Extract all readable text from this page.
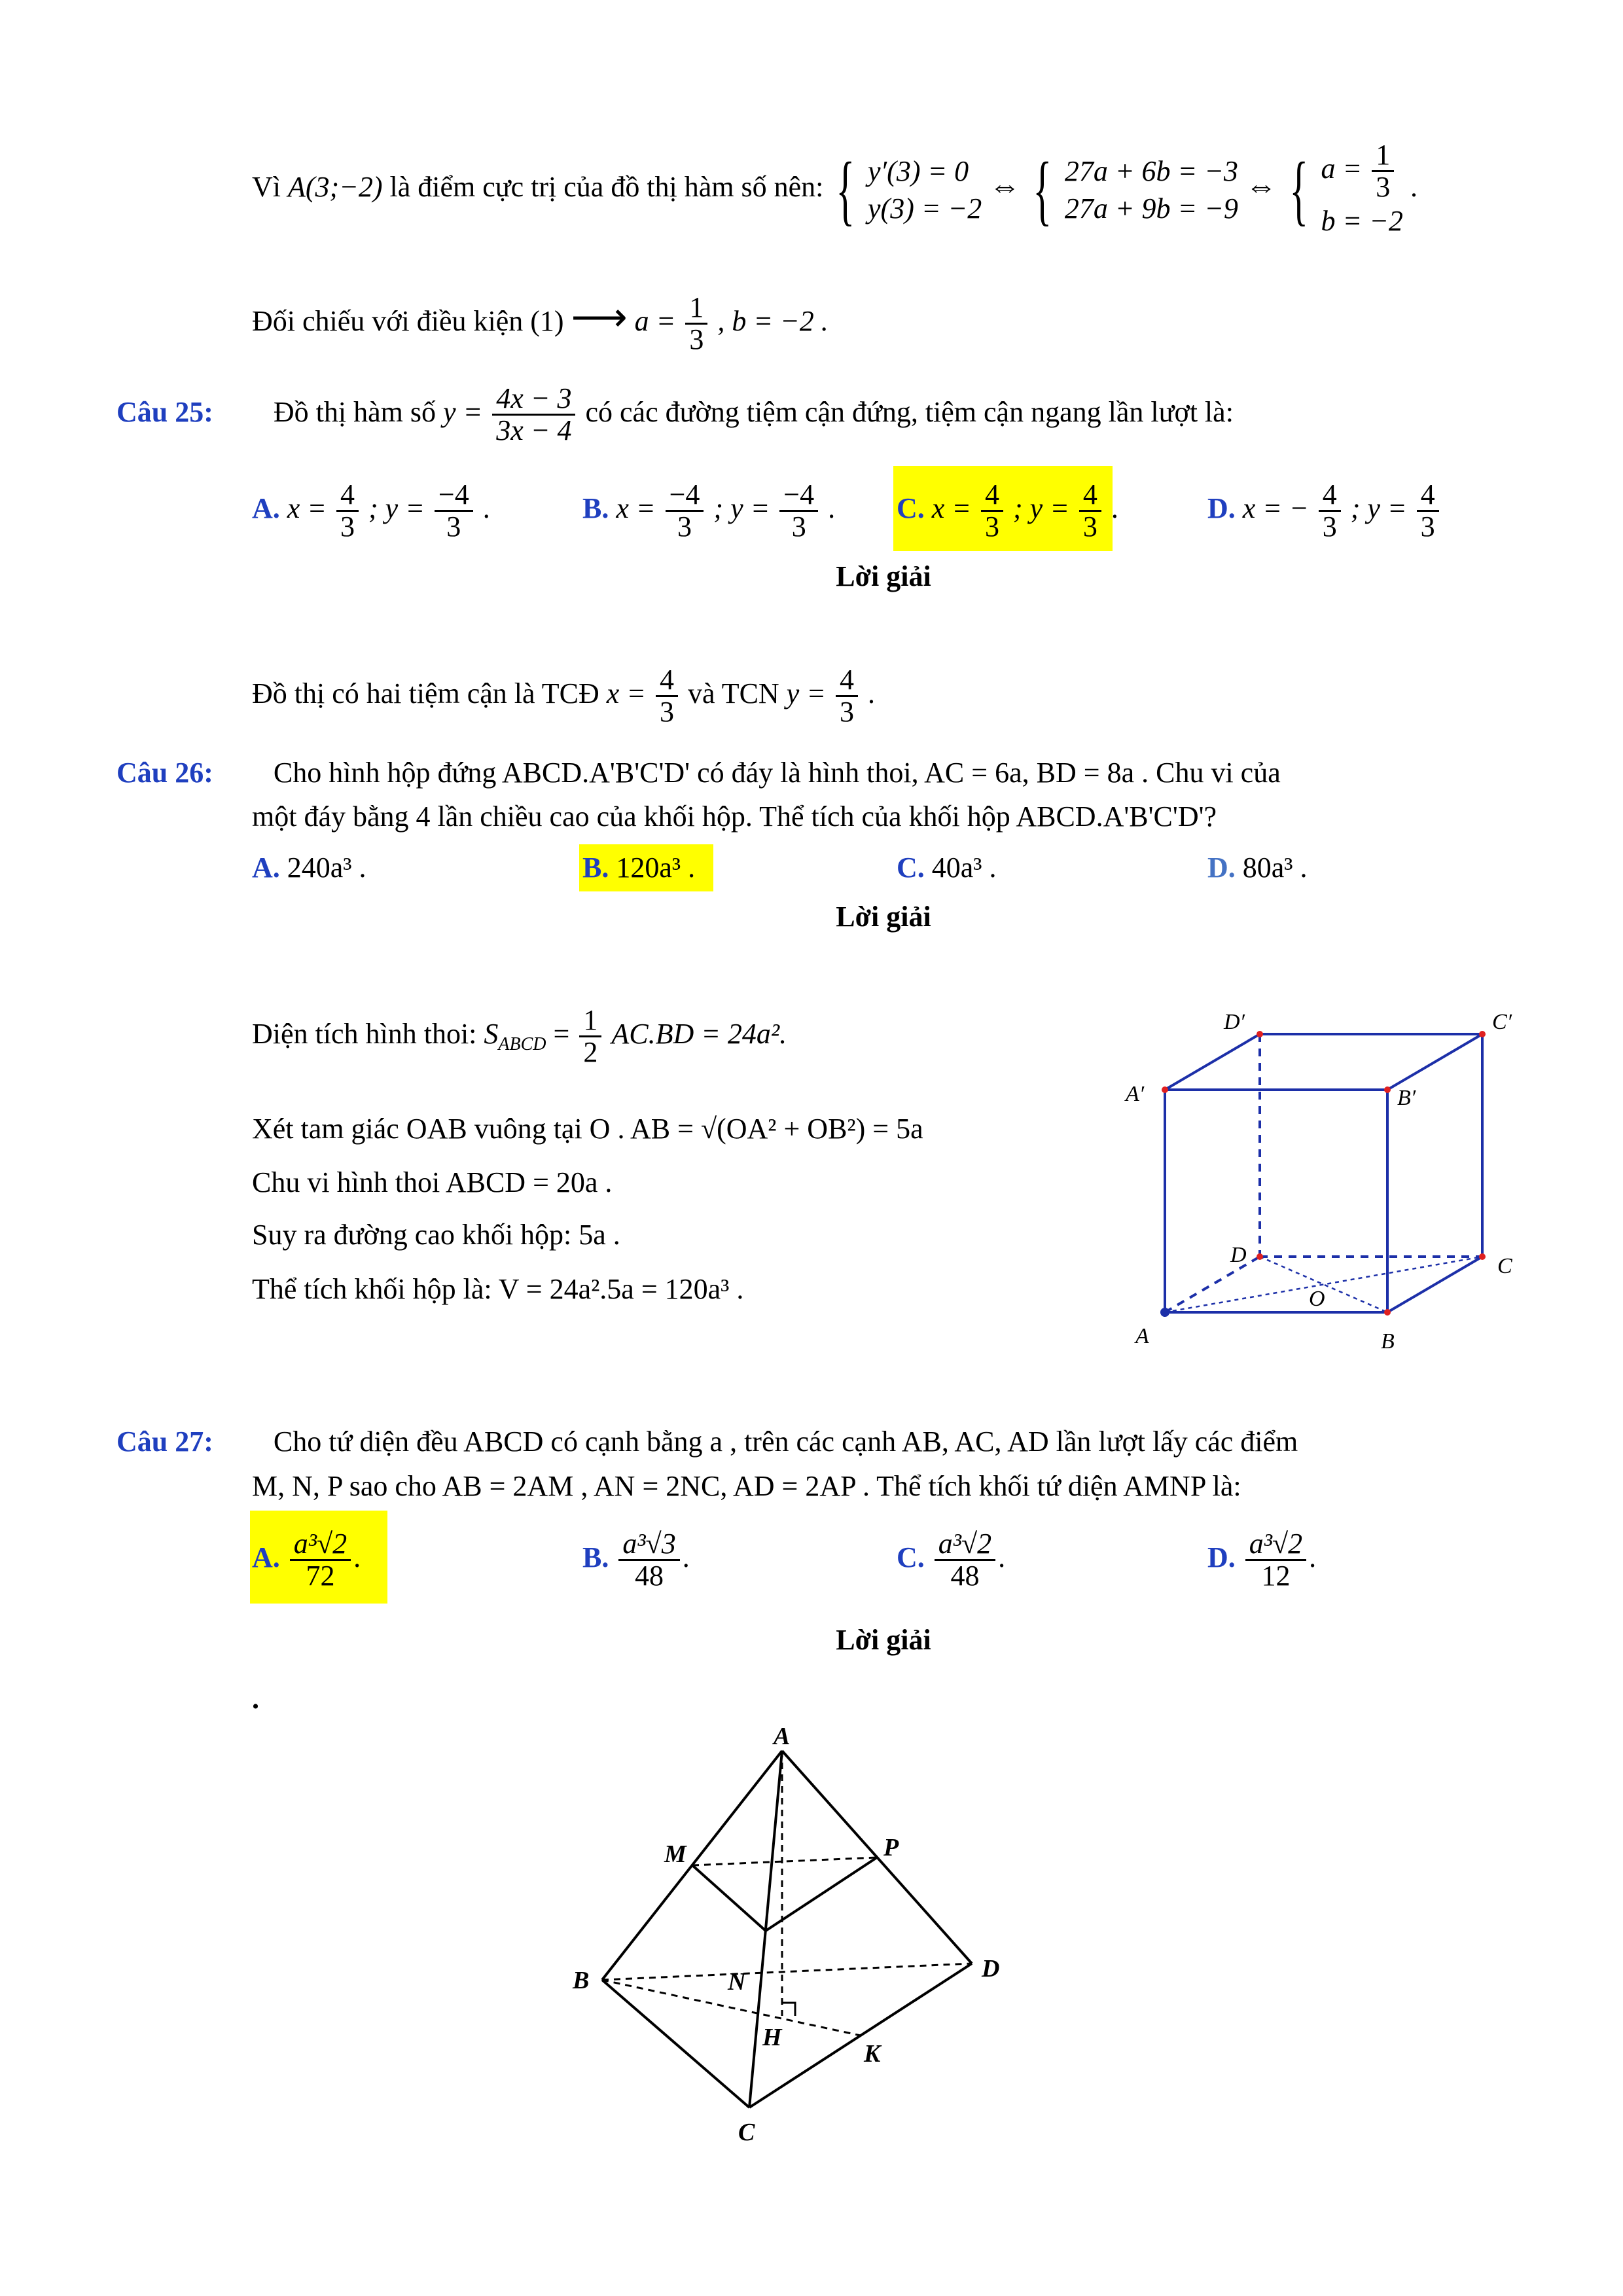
Vì A(3;−2) là điểm cực trị của đồ thị hàm số nên: { y′(3) = 0
y(3) = −2
⇔ { 27a + 6b = −3
27a + 9b = −9
⇔ { $a = \frac{1}{3}$
b = −2
.
Đối chiếu với điều kiện (1) ⟶ $a = \frac{1}{3}$ , b = −2 .
Câu 25: Đồ thị hàm số $y = \frac{4x - 3}{3x - 4}$ có các đường tiệm cận đứng, tiệm cận ngang lần lượt là:
A. $x = \frac{4}{3}$ ; $y = \frac{-4}{3}$ .	B. $x = \frac{-4}{3}$ ; $y = \frac{-4}{3}$ . C. $x = \frac{4}{3}$ ; $y = \frac{4}{3}$ .	D. x = − $\frac{4}{3}$ ; $y = \frac{4}{3}$
Lời giải
Đồ thị có hai tiệm cận là TCĐ $x = \frac{4}{3}$ và TCN $y = \frac{4}{3}$ .
Câu 26: Cho hình hộp đứng ABCD.A'B'C'D' có đáy là hình thoi, AC = 6a, BD = 8a . Chu vi của
một đáy bằng 4 lần chiều cao của khối hộp. Thể tích của khối hộp ABCD.A'B'C'D'?
A. 240a³ .	B. 120a³ .	C. 40a³ .	D. 80a³ .
Lời giải
Diện tích hình thoi: $S_{ABCD} = \frac{1}{2} AC.BD = 24a^2$.
Xét tam giác OAB vuông tại O . AB = √(OA² + OB²) = 5a
Chu vi hình thoi ABCD = 20a .
Suy ra đường cao khối hộp: 5a .
Thể tích khối hộp là: V = 24a².5a = 120a³ .
D′	C′
A′	B′
D	C
O
A	B
Câu 27: Cho tứ diện đều ABCD có cạnh bằng a , trên các cạnh AB, AC, AD lần lượt lấy các điểm
M, N, P sao cho AB = 2AM , AN = 2NC, AD = 2AP . Thể tích khối tứ diện AMNP là:
A. $\frac{\text{a³√2}}{72}$ .	B. $\frac{\text{a³√3}}{48}$ .	C. $\frac{\text{a³√2}}{48}$ .	D. $\frac{\text{a³√2}}{12}$ .
Lời giải
.
A
M	P
B	N	D
H
K
C
